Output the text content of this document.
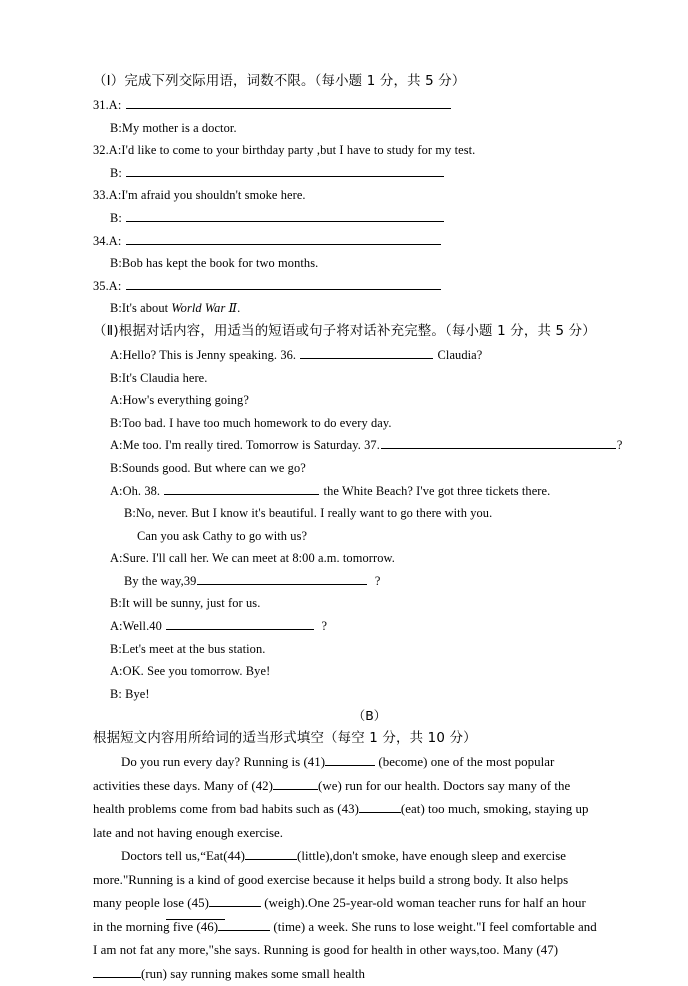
（Ⅰ）完成下列交际用语，词数不限。（每小题 1 分，共 5 分）
31.A:
B:My mother is a doctor.
32.A:I'd like to come to your birthday party ,but I have to study for my test.
B:
33.A:I'm afraid you shouldn't smoke here.
B:
34.A:
B:Bob has kept the book for two months.
35.A:
B:It's about World War Ⅱ.
（Ⅱ)根据对话内容，用适当的短语或句子将对话补充完整。（每小题 1 分，共 5 分）
A:Hello? This is Jenny speaking. 36.	Claudia?
B:It's Claudia here.
A:How's everything going?
B:Too bad. I have too much homework to do every day.
A:Me too. I'm really tired. Tomorrow is Saturday. 37.	?
B:Sounds good. But where can we go?
A:Oh. 38.	the White Beach? I've got three tickets there.
B:No, never. But I know it's beautiful. I really want to go there with you.
Can you ask Cathy to go with us?
A:Sure. I'll call her. We can meet at 8:00 a.m. tomorrow.
By the way,39	?
B:It will be sunny, just for us.
A:Well.40	?
B:Let's meet at the bus station.
A:OK. See you tomorrow. Bye!
B: Bye!
（B）
根据短文内容用所给词的适当形式填空（每空 1 分，共 10 分）
Do you run every day? Running is (41)	(become) one of the most popular activities these days. Many of (42)	(we) run for our health. Doctors say many of the health problems come from bad habits such as (43)	(eat) too much, smoking, staying up late and not having enough exercise.
Doctors tell us,“Eat(44)	(little),don't smoke, have enough sleep and exercise more."Running is a kind of good exercise because it helps build a strong body. It also helps many people lose (45)	(weigh).One 25-year-old woman teacher runs for half an hour in the morning five (46)	(time) a week. She runs to lose weight."I feel comfortable and I am not fat any more,"she says. Running is good for health in other ways,too. Many (47)(run) say running makes some small health
